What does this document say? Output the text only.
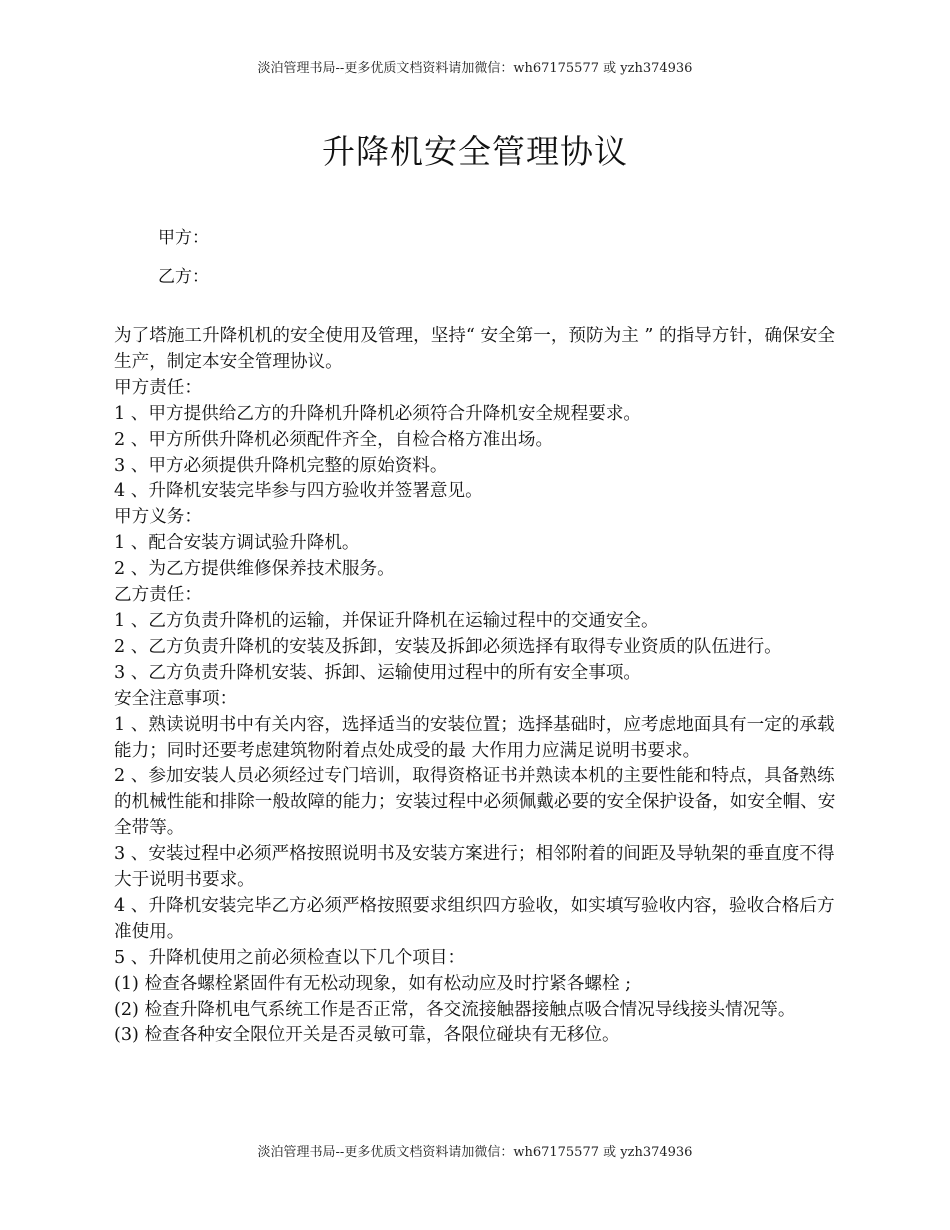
淡泊管理书局--更多优质文档资料请加微信：wh67175577 或 yzh374936
升降机安全管理协议
甲方：
乙方：

为了塔施工升降机机的安全使用及管理，坚持“ 安全第一，预防为主 ” 的指导方针，确保安全生产，制定本安全管理协议。

甲方责任：

1 、甲方提供给乙方的升降机升降机必须符合升降机安全规程要求。

2 、甲方所供升降机必须配件齐全，自检合格方准出场。

3 、甲方必须提供升降机完整的原始资料。

4 、升降机安装完毕参与四方验收并签署意见。

甲方义务：

1 、配合安装方调试验升降机。

2 、为乙方提供维修保养技术服务。

乙方责任：

1 、乙方负责升降机的运输，并保证升降机在运输过程中的交通安全。

2 、乙方负责升降机的安装及拆卸，安装及拆卸必须选择有取得专业资质的队伍进行。

3 、乙方负责升降机安装、拆卸、运输使用过程中的所有安全事项。

安全注意事项：

1 、熟读说明书中有关内容，选择适当的安装位置；选择基础时，应考虑地面具有一定的承载能力；同时还要考虑建筑物附着点处成受的最 大作用力应满足说明书要求。

2 、参加安装人员必须经过专门培训，取得资格证书并熟读本机的主要性能和特点，具备熟练的机械性能和排除一般故障的能力；安装过程中必须佩戴必要的安全保护设备，如安全帽、安全带等。

3 、安装过程中必须严格按照说明书及安装方案进行；相邻附着的间距及导轨架的垂直度不得大于说明书要求。

4 、升降机安装完毕乙方必须严格按照要求组织四方验收，如实填写验收内容，验收合格后方准使用。

5 、升降机使用之前必须检查以下几个项目：

(1) 检查各螺栓紧固件有无松动现象，如有松动应及时拧紧各螺栓 ;

(2) 检查升降机电气系统工作是否正常，各交流接触器接触点吸合情况导线接头情况等。

(3) 检查各种安全限位开关是否灵敏可靠，各限位碰块有无移位。

淡泊管理书局--更多优质文档资料请加微信：wh67175577 或 yzh374936
